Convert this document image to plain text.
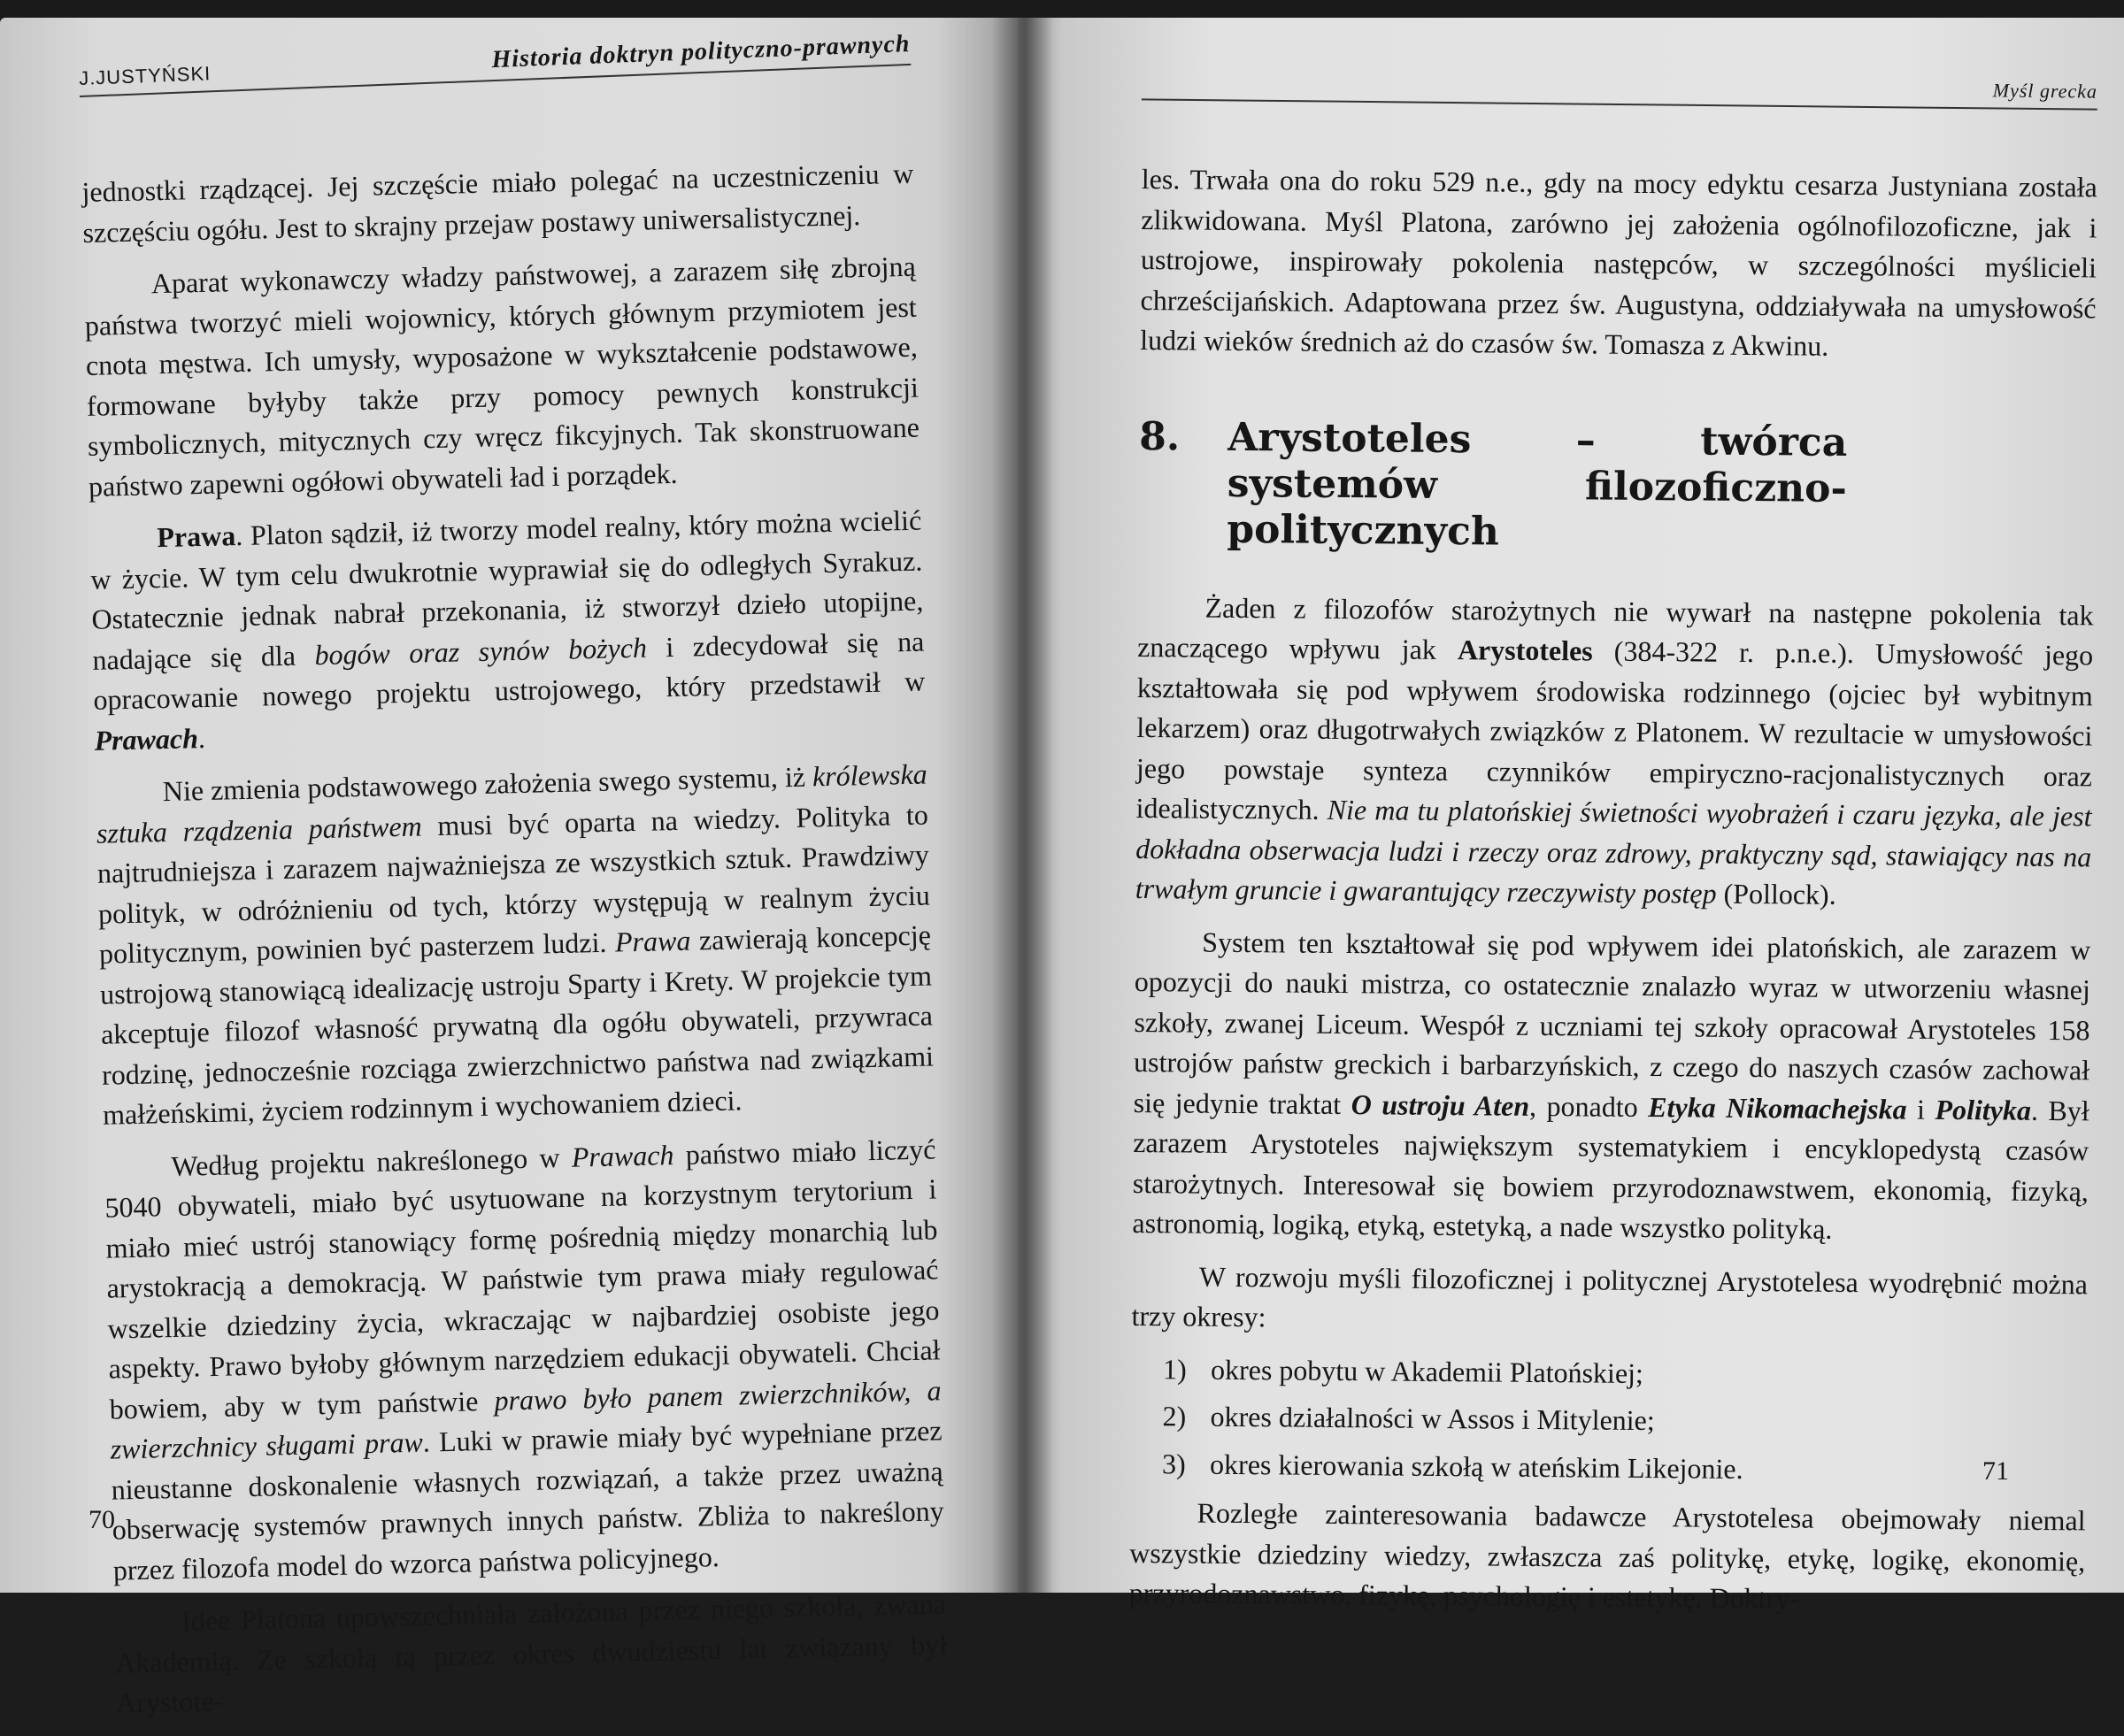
J.JUSTYŃSKI
Historia doktryn polityczno-prawnych

jednostki rządzącej. Jej szczęście miało polegać na uczestniczeniu w szczęściu ogółu. Jest to skrajny przejaw postawy uniwersalistycznej.

Aparat wykonawczy władzy państwowej, a zarazem siłę zbrojną państwa tworzyć mieli wojownicy, których głównym przymiotem jest cnota męstwa. Ich umysły, wyposażone w wykształcenie podstawowe, formowane byłyby także przy pomocy pewnych konstrukcji symbolicznych, mitycznych czy wręcz fikcyjnych. Tak skonstruowane państwo zapewni ogółowi obywateli ład i porządek.

Prawa. Platon sądził, iż tworzy model realny, który można wcielić w życie. W tym celu dwukrotnie wyprawiał się do odległych Syrakuz. Ostatecznie jednak nabrał przekonania, iż stworzył dzieło utopijne, nadające się dla bogów oraz synów bożych i zdecydował się na opracowanie nowego projektu ustrojowego, który przedstawił w Prawach.

Nie zmienia podstawowego założenia swego systemu, iż królewska sztuka rządzenia państwem musi być oparta na wiedzy. Polityka to najtrudniejsza i zarazem najważniejsza ze wszystkich sztuk. Prawdziwy polityk, w odróżnieniu od tych, którzy występują w realnym życiu politycznym, powinien być pasterzem ludzi. Prawa zawierają koncepcję ustrojową stanowiącą idealizację ustroju Sparty i Krety. W projekcie tym akceptuje filozof własność prywatną dla ogółu obywateli, przywraca rodzinę, jednocześnie rozciąga zwierzchnictwo państwa nad związkami małżeńskimi, życiem rodzinnym i wychowaniem dzieci.

Według projektu nakreślonego w Prawach państwo miało liczyć 5040 obywateli, miało być usytuowane na korzystnym terytorium i miało mieć ustrój stanowiący formę pośrednią między monarchią lub arystokracją a demokracją. W państwie tym prawa miały regulować wszelkie dziedziny życia, wkraczając w najbardziej osobiste jego aspekty. Prawo byłoby głównym narzędziem edukacji obywateli. Chciał bowiem, aby w tym państwie prawo było panem zwierzchników, a zwierzchnicy sługami praw. Luki w prawie miały być wypełniane przez nieustanne doskonalenie własnych rozwiązań, a także przez uważną obserwację systemów prawnych innych państw. Zbliża to nakreślony przez filozofa model do wzorca państwa policyjnego.

Idee Platona upowszechniała założona przez niego szkoła, zwana Akademią. Ze szkołą tą przez okres dwudziestu lat związany był Arystote-

70
Myśl grecka

les. Trwała ona do roku 529 n.e., gdy na mocy edyktu cesarza Justyniana została zlikwidowana. Myśl Platona, zarówno jej założenia ogólnofilozoficzne, jak i ustrojowe, inspirowały pokolenia następców, w szczególności myślicieli chrześcijańskich. Adaptowana przez św. Augustyna, oddziaływała na umysłowość ludzi wieków średnich aż do czasów św. Tomasza z Akwinu.

8.	Arystoteles – twórca systemów filozoficzno-politycznych

Żaden z filozofów starożytnych nie wywarł na następne pokolenia tak znaczącego wpływu jak Arystoteles (384-322 r. p.n.e.). Umysłowość jego kształtowała się pod wpływem środowiska rodzinnego (ojciec był wybitnym lekarzem) oraz długotrwałych związków z Platonem. W rezultacie w umysłowości jego powstaje synteza czynników empiryczno-racjonalistycznych oraz idealistycznych. Nie ma tu platońskiej świetności wyobrażeń i czaru języka, ale jest dokładna obserwacja ludzi i rzeczy oraz zdrowy, praktyczny sąd, stawiający nas na trwałym gruncie i gwarantujący rzeczywisty postęp (Pollock).

System ten kształtował się pod wpływem idei platońskich, ale zarazem w opozycji do nauki mistrza, co ostatecznie znalazło wyraz w utworzeniu własnej szkoły, zwanej Liceum. Wespół z uczniami tej szkoły opracował Arystoteles 158 ustrojów państw greckich i barbarzyńskich, z czego do naszych czasów zachował się jedynie traktat O ustroju Aten, ponadto Etyka Nikomachejska i Polityka. Był zarazem Arystoteles największym systematykiem i encyklopedystą czasów starożytnych. Interesował się bowiem przyrodoznawstwem, ekonomią, fizyką, astronomią, logiką, etyką, estetyką, a nade wszystko polityką.

W rozwoju myśli filozoficznej i politycznej Arystotelesa wyodrębnić można trzy okresy:

1) okres pobytu w Akademii Platońskiej;
2) okres działalności w Assos i Mitylenie;
3) okres kierowania szkołą w ateńskim Likejonie.

Rozległe zainteresowania badawcze Arystotelesa obejmowały niemal wszystkie dziedziny wiedzy, zwłaszcza zaś politykę, etykę, logikę, ekonomię, przyrodoznawstwo, fizykę, psychologię i estetykę. Doktry-

71
